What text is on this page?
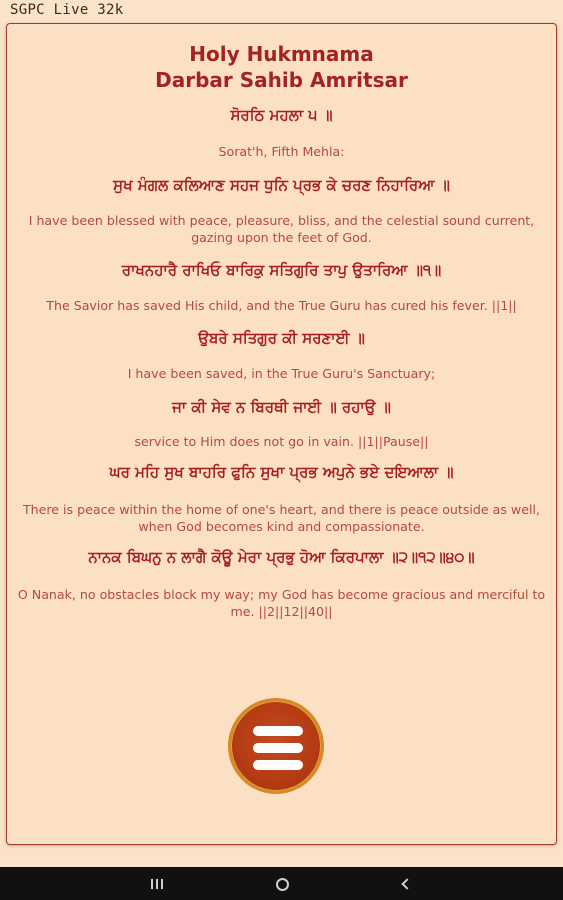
SGPC Live 32k
Holy Hukmnama
Darbar Sahib Amritsar
ਸੋਰਠਿ ਮਹਲਾ ੫ ॥
Sorat'h, Fifth Mehla:
ਸੁਖ ਮੰਗਲ ਕਲਿਆਣ ਸਹਜ ਧੁਨਿ ਪ੍ਰਭ ਕੇ ਚਰਣ ਨਿਹਾਰਿਆ ॥
I have been blessed with peace, pleasure, bliss, and the celestial sound current, gazing upon the feet of God.
ਰਾਖਨਹਾਰੈ ਰਾਖਿਓ ਬਾਰਿਕੁ ਸਤਿਗੁਰਿ ਤਾਪੁ ਉਤਾਰਿਆ ॥੧॥
The Savior has saved His child, and the True Guru has cured his fever. ||1||
ਉਬਰੇ ਸਤਿਗੁਰ ਕੀ ਸਰਣਾਈ ॥
I have been saved, in the True Guru's Sanctuary;
ਜਾ ਕੀ ਸੇਵ ਨ ਬਿਰਥੀ ਜਾਈ ॥ ਰਹਾਉ ॥
service to Him does not go in vain. ||1||Pause||
ਘਰ ਮਹਿ ਸੁਖ ਬਾਹਰਿ ਫੁਨਿ ਸੁਖਾ ਪ੍ਰਭ ਅਪੁਨੇ ਭਏ ਦਇਆਲਾ ॥
There is peace within the home of one's heart, and there is peace outside as well, when God becomes kind and compassionate.
ਨਾਨਕ ਬਿਘਨੁ ਨ ਲਾਗੈ ਕੋਊ ਮੇਰਾ ਪ੍ਰਭੁ ਹੋਆ ਕਿਰਪਾਲਾ ॥੨॥੧੨॥੪੦॥
O Nanak, no obstacles block my way; my God has become gracious and merciful to me. ||2||12||40||
